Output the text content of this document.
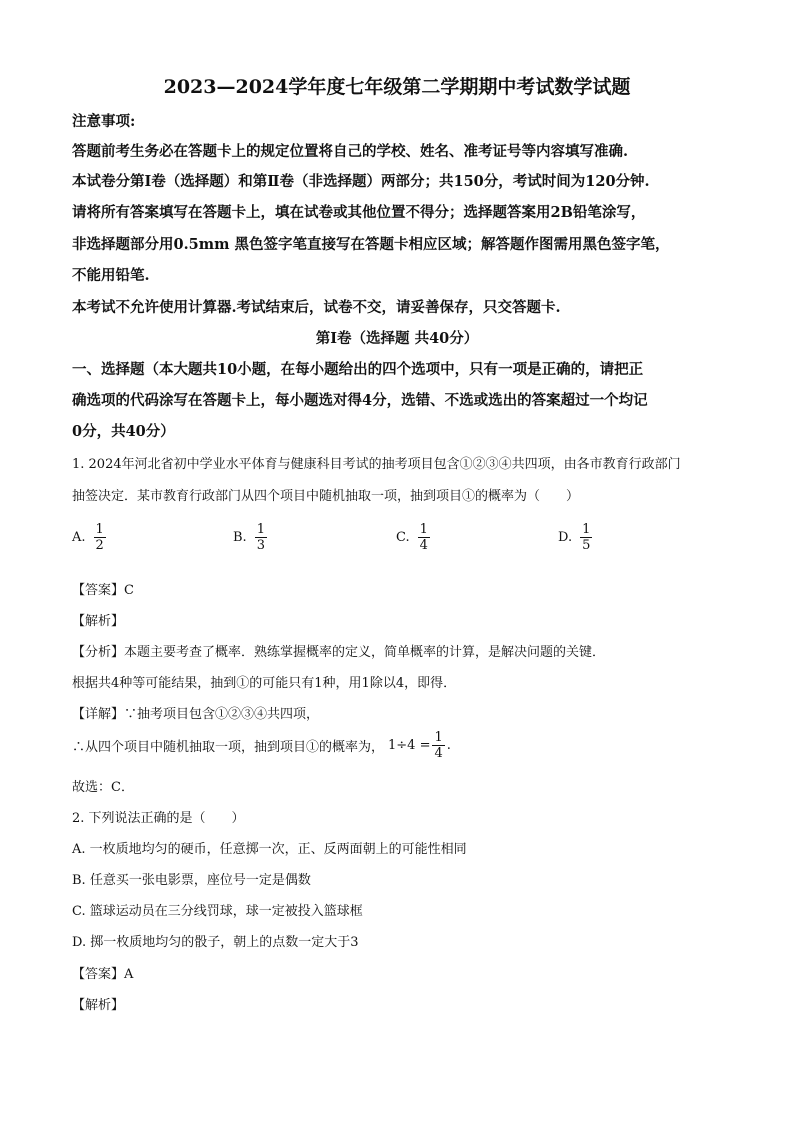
2023—2024学年度七年级第二学期期中考试数学试题
注意事项:
答题前考生务必在答题卡上的规定位置将自己的学校、姓名、准考证号等内容填写准确.
本试卷分第Ⅰ卷（选择题）和第Ⅱ卷（非选择题）两部分；共150分，考试时间为120分钟.
请将所有答案填写在答题卡上，填在试卷或其他位置不得分；选择题答案用2B铅笔涂写，
非选择题部分用0.5mm 黑色签字笔直接写在答题卡相应区域；解答题作图需用黑色签字笔，
不能用铅笔.
本考试不允许使用计算器.考试结束后，试卷不交，请妥善保存，只交答题卡.
第Ⅰ卷（选择题 共40分）
一、选择题（本大题共10小题，在每小题给出的四个选项中，只有一项是正确的，请把正
确选项的代码涂写在答题卡上，每小题选对得4分，选错、不选或选出的答案超过一个均记
0分，共40分）
1. 2024年河北省初中学业水平体育与健康科目考试的抽考项目包含①②③④共四项，由各市教育行政部门
抽签决定．某市教育行政部门从四个项目中随机抽取一项，抽到项目①的概率为（　　）
A. $\frac{1}{2}$	B. $\frac{1}{3}$	C. $\frac{1}{4}$	D. $\frac{1}{5}$
【答案】C
【解析】
【分析】本题主要考查了概率．熟练掌握概率的定义，简单概率的计算，是解决问题的关键．
根据共4种等可能结果，抽到①的可能只有1种，用1除以4，即得．
【详解】∵抽考项目包含①②③④共四项，
∴从四个项目中随机抽取一项，抽到项目①的概率为， $1\div 4 = \frac{1}{4}$ .
故选：C．
2. 下列说法正确的是（　　）
A. 一枚质地均匀的硬币，任意掷一次，正、反两面朝上的可能性相同
B. 任意买一张电影票，座位号一定是偶数
C. 篮球运动员在三分线罚球，球一定被投入篮球框
D. 掷一枚质地均匀的骰子，朝上的点数一定大于3
【答案】A
【解析】
